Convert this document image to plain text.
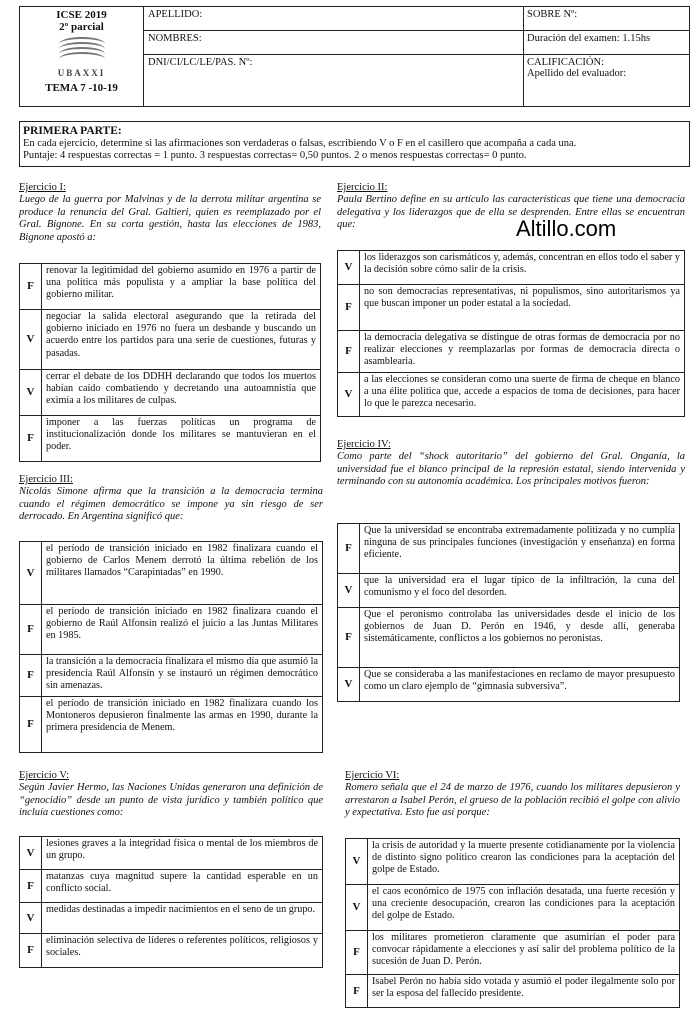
ICSE 2019
2º parcial
UBAXXI
TEMA 7 -10-19	APELLIDO:	SOBRE Nº:
	NOMBRES:	Duración del examen: 1.15hs
	DNI/CI/LC/LE/PAS. Nº:	CALIFICACIÓN:
Apellido del evaluador:
PRIMERA PARTE:
En cada ejercicio, determine si las afirmaciones son verdaderas o falsas, escribiendo V o F en el casillero que acompaña a cada una.
Puntaje: 4 respuestas correctas = 1 punto. 3 respuestas correctas= 0,50 puntos. 2 o menos respuestas correctas= 0 punto.
Altillo.com
Ejercicio I:
Luego de la guerra por Malvinas y de la derrota militar argentina se produce la renuncia del Gral. Galtieri, quien es reemplazado por el Gral. Bignone. En su corta gestión, hasta las elecciones de 1983, Bignone apostó a:
F	renovar la legitimidad del gobierno asumido en 1976 a partir de una política más populista y a ampliar la base política del gobierno militar.
V	negociar la salida electoral asegurando que la retirada del gobierno iniciado en 1976 no fuera un desbande y buscando un acuerdo entre los partidos para una serie de cuestiones, futuras y pasadas.
V	cerrar el debate de los DDHH declarando que todos los muertos habían caído combatiendo y decretando una autoamnistía que eximía a los militares de culpas.
F	imponer a las fuerzas políticas un programa de institucionalización donde los militares se mantuvieran en el poder.
Ejercicio II:
Paula Bertino define en su artículo las características que tiene una democracia delegativa y los liderazgos que de ella se desprenden. Entre ellas se encuentran que:
V	los liderazgos son carismáticos y, además, concentran en ellos todo el saber y la decisión sobre cómo salir de la crisis.
F	no son democracias representativas, ni populismos, sino autoritarismos ya que buscan imponer un poder estatal a la sociedad.
F	la democracia delegativa se distingue de otras formas de democracia por no realizar elecciones y reemplazarlas por formas de democracia directa o asamblearia.
V	a las elecciones se consideran como una suerte de firma de cheque en blanco a una élite política que, accede a espacios de toma de decisiones, para hacer lo que le parezca necesario.
Ejercicio III:
Nicolás Simone afirma que la transición a la democracia termina cuando el régimen democrático se impone ya sin riesgo de ser derrocado. En Argentina significó que:
V	el período de transición iniciado en 1982 finalizara cuando el gobierno de Carlos Menem derrotó la última rebelión de los militares llamados “Carapintadas” en 1990.
F	el período de transición iniciado en 1982 finalizara cuando el gobierno de Raúl Alfonsín realizó el juicio a las Juntas Militares en 1985.
F	la transición a la democracia finalizara el mismo día que asumió la presidencia Raúl Alfonsín y se instauró un régimen democrático sin amenazas.
F	el período de transición iniciado en 1982 finalizara cuando los Montoneros depusieron finalmente las armas en 1990, durante la primera presidencia de Menem.
Ejercicio IV:
Como parte del “shock autoritario” del gobierno del Gral. Onganía, la universidad fue el blanco principal de la represión estatal, siendo intervenida y terminando con su autonomía académica. Los principales motivos fueron:
F	Que la universidad se encontraba extremadamente politizada y no cumplía ninguna de sus principales funciones (investigación y enseñanza) en forma eficiente.
V	que la universidad era el lugar típico de la infiltración, la cuna del comunismo y el foco del desorden.
F	Que el peronismo controlaba las universidades desde el inicio de los gobiernos de Juan D. Perón en 1946, y desde allí, generaba sistemáticamente, conflictos a los gobiernos no peronistas.
V	Que se consideraba a las manifestaciones en reclamo de mayor presupuesto como un claro ejemplo de “gimnasia subversiva”.
Ejercicio V:
Según Javier Hermo, las Naciones Unidas generaron una definición de “genocidio” desde un punto de vista jurídico y también político que incluía cuestiones como:
V	lesiones graves a la integridad física o mental de los miembros de un grupo.
F	matanzas cuya magnitud supere la cantidad esperable en un conflicto social.
V	medidas destinadas a impedir nacimientos en el seno de un grupo.
F	eliminación selectiva de líderes o referentes políticos, religiosos y sociales.
Ejercicio VI:
Romero señala que el 24 de marzo de 1976, cuando los militares depusieron y arrestaron a Isabel Perón, el grueso de la población recibió el golpe con alivio y expectativa. Esto fue así porque:
V	la crisis de autoridad y la muerte presente cotidianamente por la violencia de distinto signo político crearon las condiciones para la aceptación del golpe de Estado.
V	el caos económico de 1975 con inflación desatada, una fuerte recesión y una creciente desocupación, crearon las condiciones para la aceptación del golpe de Estado.
F	los militares prometieron claramente que asumirían el poder para convocar rápidamente a elecciones y así salir del problema político de la sucesión de Juan D. Perón.
F	Isabel Perón no había sido votada y asumió el poder ilegalmente solo por ser la esposa del fallecido presidente.
